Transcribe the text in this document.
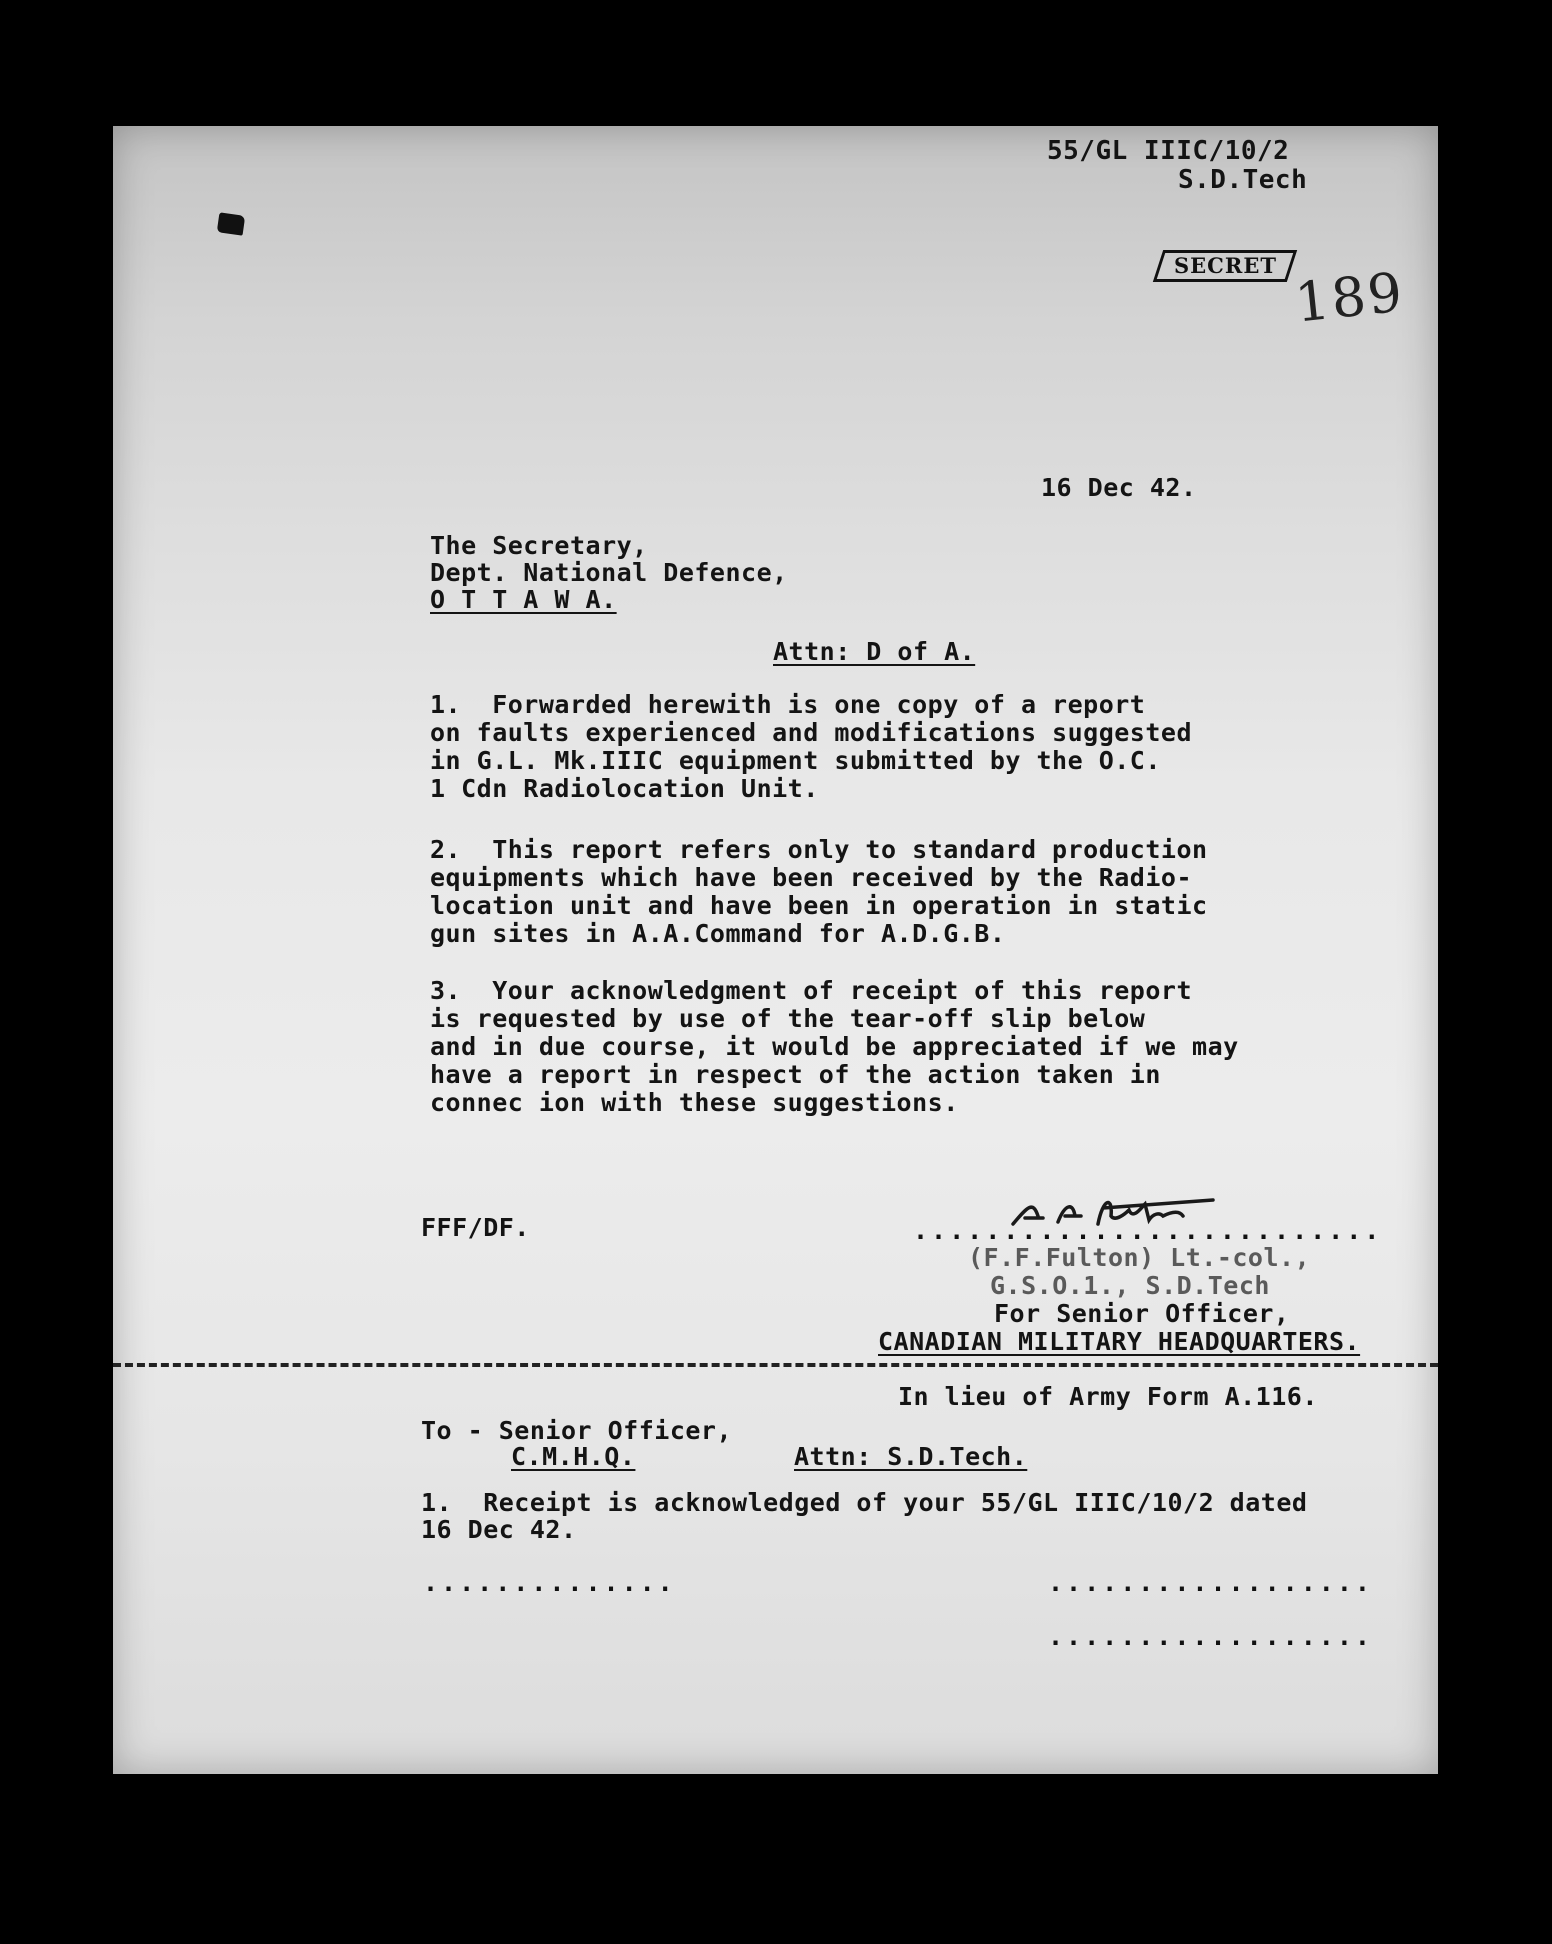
55/GL IIIC/10/2
S.D.Tech
SECRET 189
16 Dec 42.
The Secretary,
Dept. National Defence,
O T T A W A.
Attn: D of A.
1.  Forwarded herewith is one copy of a report
on faults experienced and modifications suggested
in G.L. Mk.IIIC equipment submitted by the O.C.
1 Cdn Radiolocation Unit.
2.  This report refers only to standard production
equipments which have been received by the Radio-
location unit and have been in operation in static
gun sites in A.A.Command for A.D.G.B.
3.  Your acknowledgment of receipt of this report
is requested by use of the tear-off slip below
and in due course, it would be appreciated if we may
have a report in respect of the action taken in
connec ion with these suggestions.
FFF/DF.	..........................
(F.F.Fulton) Lt.-col.,
G.S.O.1., S.D.Tech
For Senior Officer,
CANADIAN MILITARY HEADQUARTERS.
In lieu of Army Form A.116.
To - Senior Officer,
C.M.H.Q.	Attn: S.D.Tech.
1.  Receipt is acknowledged of your 55/GL IIIC/10/2 dated
16 Dec 42.
..............	..................
..................
